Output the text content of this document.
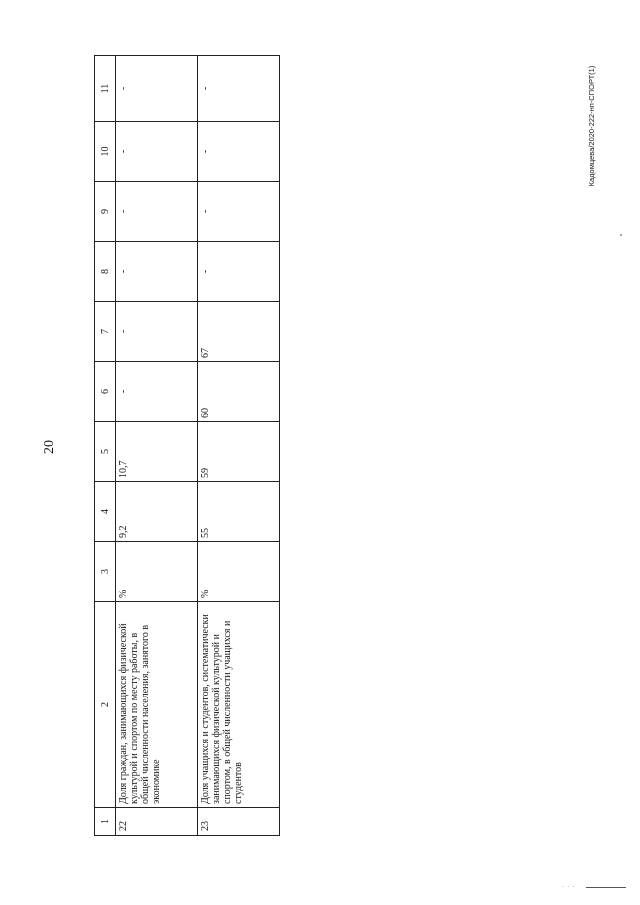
20
Кадомцева/2020-222-нп-СПОРТ(1)
1	2	3	4	5	6	7	8	9	10	11
22	Доля граждан, занимающихся физической культурой и спортом по месту работы, в общей численности населения, занятого в экономике	%	9,2	10,7	-	-	-	-	-	-
23	Доля учащихся и студентов, систематически занимающихся физической культурой и спортом, в общей численности учащихся и студентов	%	55	59	60	67	-	-	-	-
. . .
